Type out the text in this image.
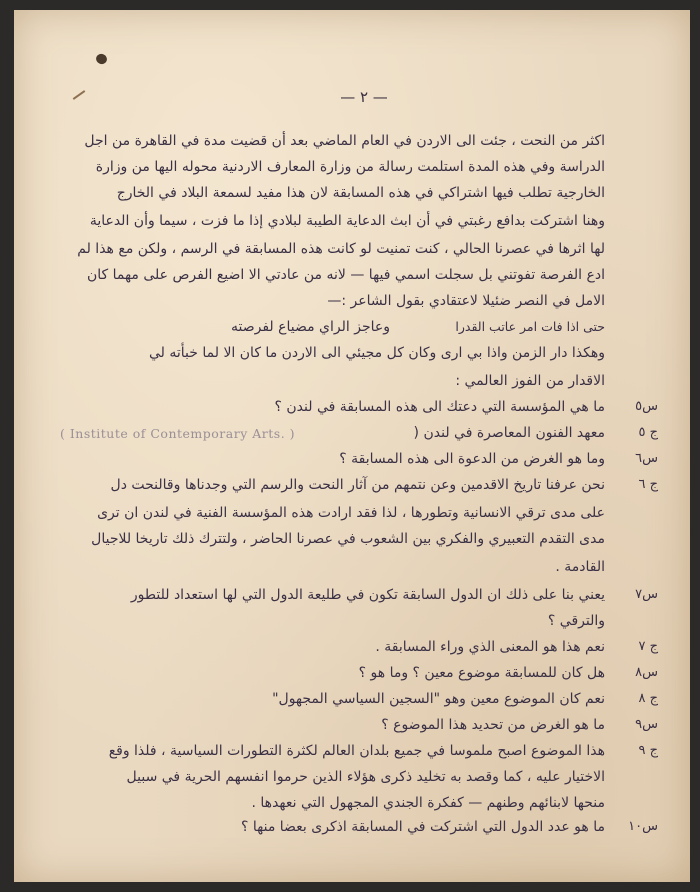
— ٢ —
اكثر من النحت ، جئت الى الاردن في العام الماضي بعد أن قضيت مدة في القاهرة من اجل
الدراسة وفي هذه المدة استلمت رسالة من وزارة المعارف الاردنية محوله اليها من وزارة
الخارجية تطلب فيها اشتراكي في هذه المسابقة لان هذا مفيد لسمعة البلاد في الخارج
وهنا اشتركت بدافع رغبتي في أن ابث الدعاية الطيبة لبلادي إذا ما فزت ، سيما وأن الدعاية
لها اثرها في عصرنا الحالي ، كنت تمنيت لو كانت هذه المسابقة في الرسم ، ولكن مع هذا لم
ادع الفرصة تفوتني بل سجلت اسمي فيها — لانه من عادتي الا اضيع الفرص على مهما كان
الامل في النصر ضئيلا لاعتقادي بقول الشاعر :—
وعاجز الراي مضياع لفرصته	حتى اذا فات امر عاتب القدرا
وهكذا دار الزمن واذا بي ارى وكان كل مجيئي الى الاردن ما كان الا لما خبأته لي
الاقدار من الفوز العالمي :
س٥
ما هي المؤسسة التي دعتك الى هذه المسابقة في لندن ؟
ج ٥
معهد الفنون المعاصرة في لندن (
( Institute of Contemporary Arts. )
س٦
وما هو الغرض من الدعوة الى هذه المسابقة ؟
ج ٦
نحن عرفنا تاريخ الاقدمين وعن نتمهم من آثار النحت والرسم التي وجدناها وقالنحت دل
على مدى ترقي الانسانية وتطورها ، لذا فقد ارادت هذه المؤسسة الفنية في لندن ان ترى
مدى التقدم التعبيري والفكري بين الشعوب في عصرنا الحاضر ، ولتترك ذلك تاريخا للاجيال
القادمة .
س٧
يعني بنا على ذلك ان الدول السابقة تكون في طليعة الدول التي لها استعداد للتطور
والترقي ؟
ج ٧
نعم هذا هو المعنى الذي وراء المسابقة .
س٨
هل كان للمسابقة موضوع معين ؟ وما هو ؟
ج ٨
نعم كان الموضوع معين وهو "السجين السياسي المجهول"
س٩
ما هو الغرض من تحديد هذا الموضوع ؟
ج ٩
هذا الموضوع اصبح ملموسا في جميع بلدان العالم لكثرة التطورات السياسية ، فلذا وقع
الاختيار عليه ، كما وقصد به تخليد ذكرى هؤلاء الذين حرموا انفسهم الحرية في سبيل
منحها لابنائهم وطنهم — كفكرة الجندي المجهول التي نعهدها .
س١٠
ما هو عدد الدول التي اشتركت في المسابقة اذكرى بعضا منها ؟
